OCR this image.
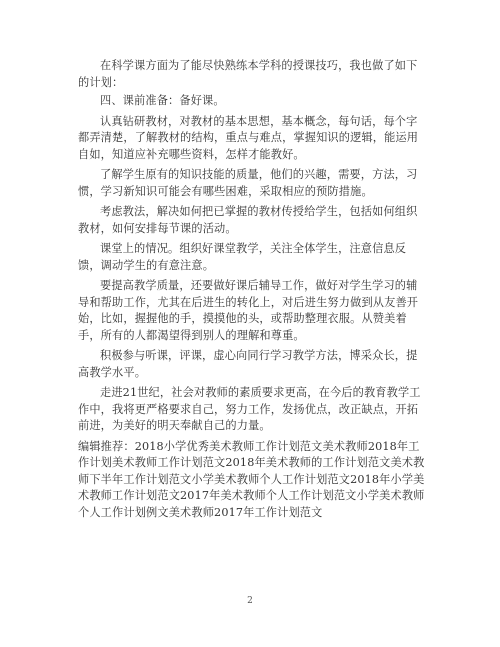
在科学课方面为了能尽快熟练本学科的授课技巧，我也做了如下的计划：

四、课前准备：备好课。

认真钻研教材，对教材的基本思想，基本概念，每句话，每个字都弄清楚，了解教材的结构，重点与难点，掌握知识的逻辑，能运用自如，知道应补充哪些资料，怎样才能教好。

了解学生原有的知识技能的质量，他们的兴趣，需要，方法，习惯，学习新知识可能会有哪些困难，采取相应的预防措施。

考虑教法，解决如何把已掌握的教材传授给学生，包括如何组织教材，如何安排每节课的活动。

课堂上的情况。组织好课堂教学，关注全体学生，注意信息反馈，调动学生的有意注意。

要提高教学质量，还要做好课后辅导工作，做好对学生学习的辅导和帮助工作，尤其在后进生的转化上，对后进生努力做到从友善开始，比如，握握他的手，摸摸他的头，或帮助整理衣服。从赞美着手，所有的人都渴望得到别人的理解和尊重。

积极参与听课，评课，虚心向同行学习教学方法，博采众长，提高教学水平。

走进21世纪，社会对教师的素质要求更高，在今后的教育教学工作中，我将更严格要求自己，努力工作，发扬优点，改正缺点，开拓前进，为美好的明天奉献自己的力量。

编辑推荐：2018小学优秀美术教师工作计划范文美术教师2018年工作计划美术教师工作计划范文2018年美术教师的工作计划范文美术教师下半年工作计划范文小学美术教师个人工作计划范文2018年小学美术教师工作计划范文2017年美术教师个人工作计划范文小学美术教师个人工作计划例文美术教师2017年工作计划范文

2
